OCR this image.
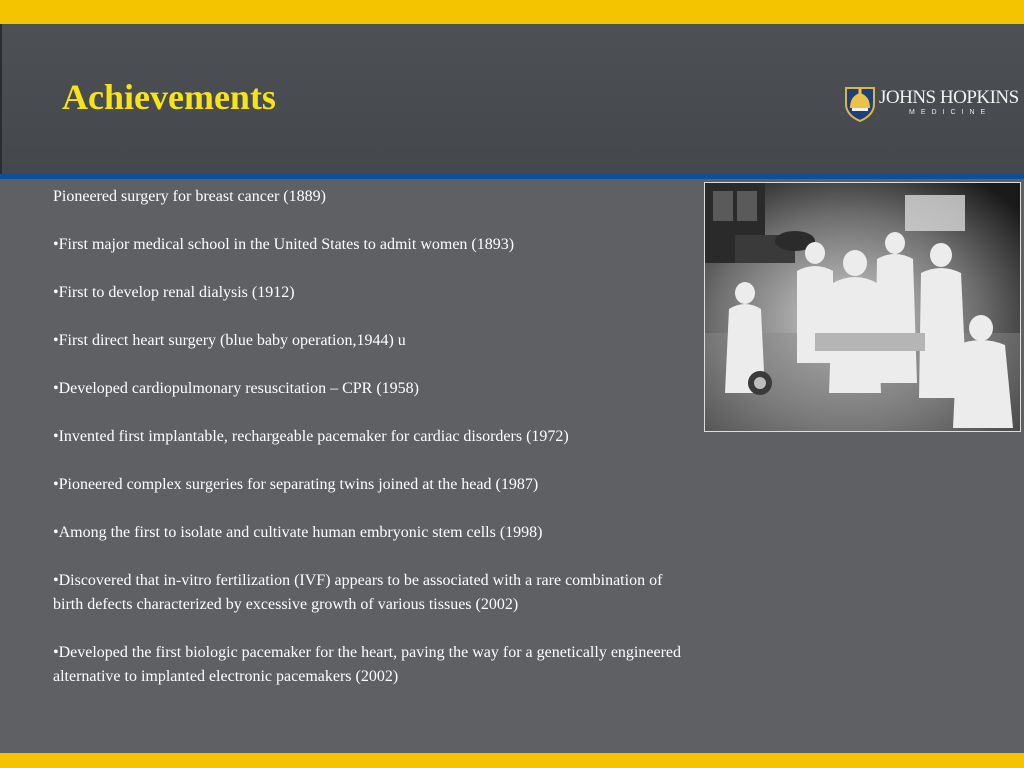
Achievements	JOHNS HOPKINS
MEDICINE

Pioneered surgery for breast cancer (1889)

•First major medical school in the United States to admit women (1893)

•First to develop renal dialysis (1912)

•First direct heart surgery (blue baby operation,1944) u

•Developed cardiopulmonary resuscitation – CPR (1958)

•Invented first implantable, rechargeable pacemaker for cardiac disorders (1972)

•Pioneered complex surgeries for separating twins joined at the head (1987)

•Among the first to isolate and cultivate human embryonic stem cells (1998)

•Discovered that in-vitro fertilization (IVF) appears to be associated with a rare combination of birth defects characterized by excessive growth of various tissues (2002)

•Developed the first biologic pacemaker for the heart, paving the way for a genetically engineered alternative to implanted electronic pacemakers (2002)
